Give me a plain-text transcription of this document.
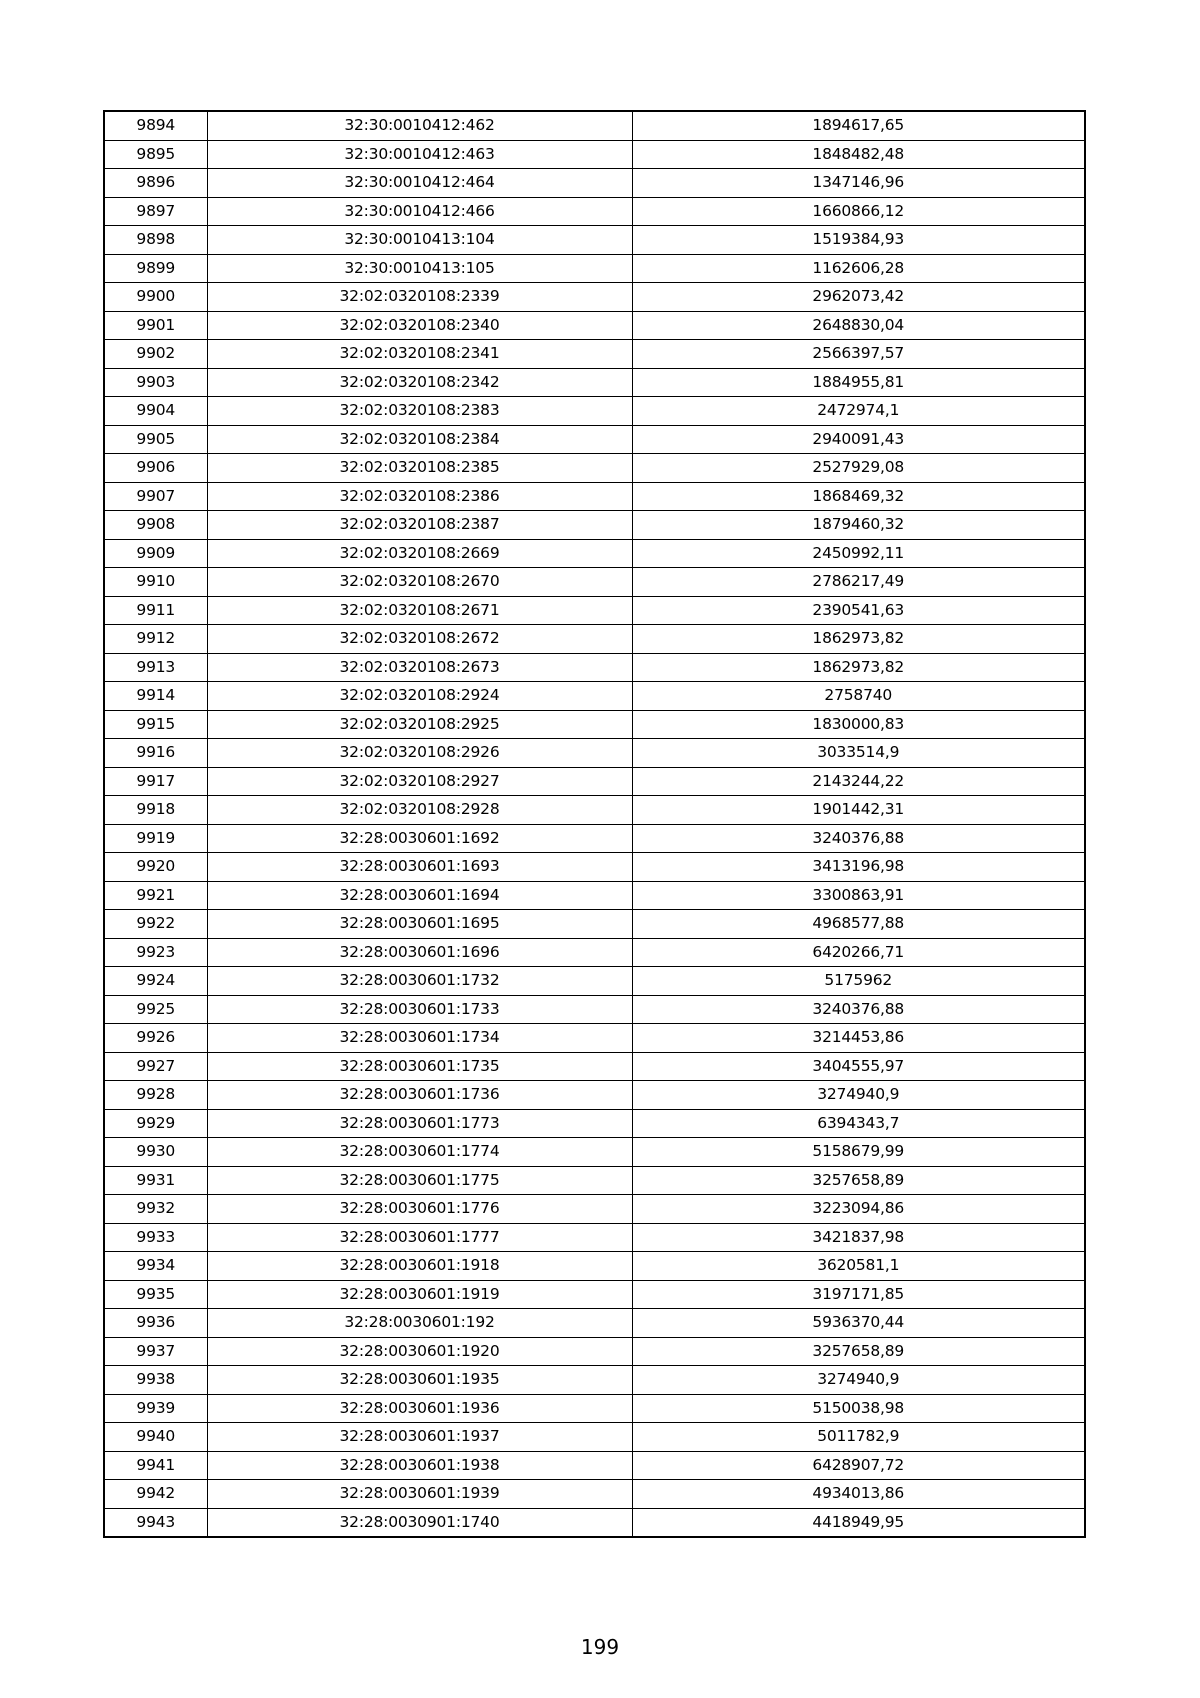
9894	32:30:0010412:462	1894617,65
9895	32:30:0010412:463	1848482,48
9896	32:30:0010412:464	1347146,96
9897	32:30:0010412:466	1660866,12
9898	32:30:0010413:104	1519384,93
9899	32:30:0010413:105	1162606,28
9900	32:02:0320108:2339	2962073,42
9901	32:02:0320108:2340	2648830,04
9902	32:02:0320108:2341	2566397,57
9903	32:02:0320108:2342	1884955,81
9904	32:02:0320108:2383	2472974,1
9905	32:02:0320108:2384	2940091,43
9906	32:02:0320108:2385	2527929,08
9907	32:02:0320108:2386	1868469,32
9908	32:02:0320108:2387	1879460,32
9909	32:02:0320108:2669	2450992,11
9910	32:02:0320108:2670	2786217,49
9911	32:02:0320108:2671	2390541,63
9912	32:02:0320108:2672	1862973,82
9913	32:02:0320108:2673	1862973,82
9914	32:02:0320108:2924	2758740
9915	32:02:0320108:2925	1830000,83
9916	32:02:0320108:2926	3033514,9
9917	32:02:0320108:2927	2143244,22
9918	32:02:0320108:2928	1901442,31
9919	32:28:0030601:1692	3240376,88
9920	32:28:0030601:1693	3413196,98
9921	32:28:0030601:1694	3300863,91
9922	32:28:0030601:1695	4968577,88
9923	32:28:0030601:1696	6420266,71
9924	32:28:0030601:1732	5175962
9925	32:28:0030601:1733	3240376,88
9926	32:28:0030601:1734	3214453,86
9927	32:28:0030601:1735	3404555,97
9928	32:28:0030601:1736	3274940,9
9929	32:28:0030601:1773	6394343,7
9930	32:28:0030601:1774	5158679,99
9931	32:28:0030601:1775	3257658,89
9932	32:28:0030601:1776	3223094,86
9933	32:28:0030601:1777	3421837,98
9934	32:28:0030601:1918	3620581,1
9935	32:28:0030601:1919	3197171,85
9936	32:28:0030601:192	5936370,44
9937	32:28:0030601:1920	3257658,89
9938	32:28:0030601:1935	3274940,9
9939	32:28:0030601:1936	5150038,98
9940	32:28:0030601:1937	5011782,9
9941	32:28:0030601:1938	6428907,72
9942	32:28:0030601:1939	4934013,86
9943	32:28:0030901:1740	4418949,95
199
